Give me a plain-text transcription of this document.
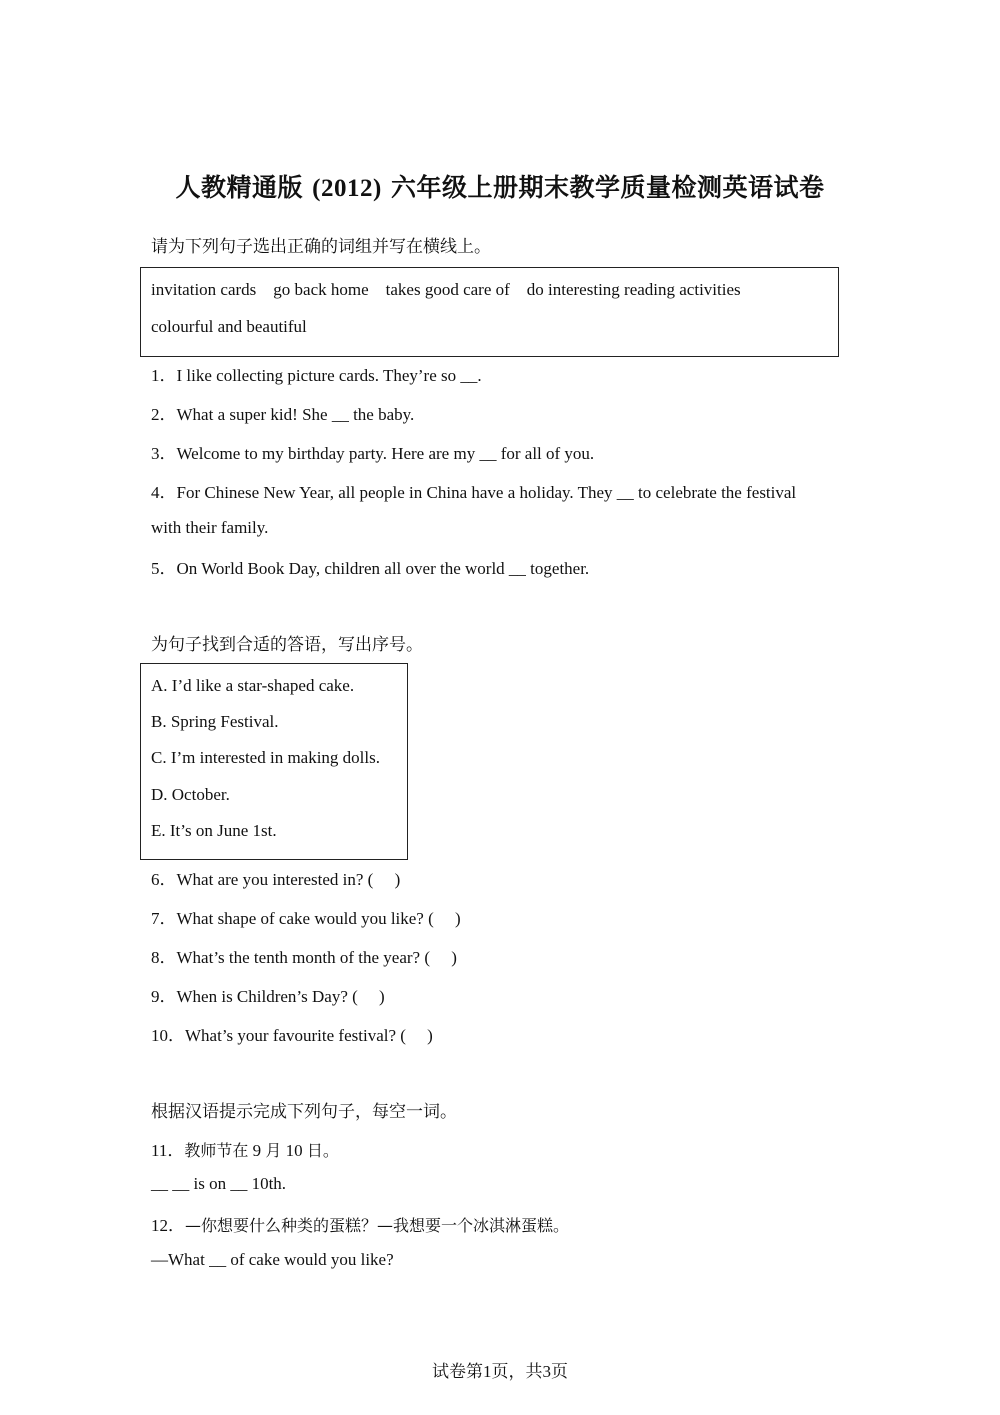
人教精通版 (2012) 六年级上册期末教学质量检测英语试卷
请为下列句子选出正确的词组并写在横线上。
invitation cards    go back home    takes good care of    do interesting reading activities
colourful and beautiful
1．I like collecting picture cards. They’re so __.
2．What a super kid! She __ the baby.
3．Welcome to my birthday party. Here are my __ for all of you.
4．For Chinese New Year, all people in China have a holiday. They __ to celebrate the festival
with their family.
5．On World Book Day, children all over the world __ together.
为句子找到合适的答语，写出序号。
A. I’d like a star-shaped cake.
B. Spring Festival.
C. I’m interested in making dolls.
D. October.
E. It’s on June 1st.
6．What are you interested in? (     )
7．What shape of cake would you like? (     )
8．What’s the tenth month of the year? (     )
9．When is Children’s Day? (     )
10．What’s your favourite festival? (     )
根据汉语提示完成下列句子，每空一词。
11．教师节在 9 月 10 日。
__ __ is on __ 10th.
12．—你想要什么种类的蛋糕？—我想要一个冰淇淋蛋糕。
—What __ of cake would you like?
试卷第1页，共3页
